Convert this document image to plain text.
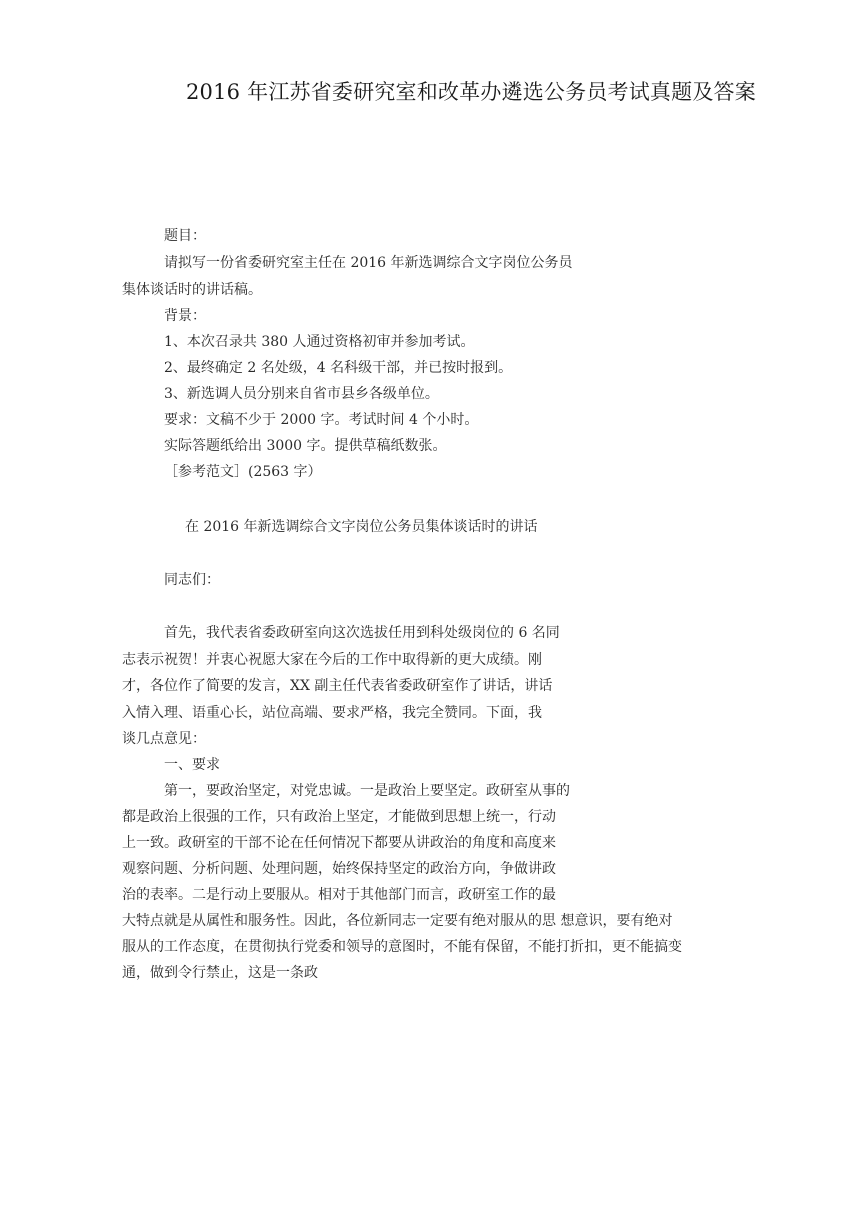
2016 年江苏省委研究室和改革办遴选公务员考试真题及答案
题目：
请拟写一份省委研究室主任在 2016 年新选调综合文字岗位公务员
集体谈话时的讲话稿。
背景：
1、本次召录共 380 人通过资格初审并参加考试。
2、最终确定 2 名处级，4 名科级干部，并已按时报到。
3、新选调人员分别来自省市县乡各级单位。
要求：文稿不少于 2000 字。考试时间 4 个小时。
实际答题纸给出 3000 字。提供草稿纸数张。
［参考范文］(2563 字）
在 2016 年新选调综合文字岗位公务员集体谈话时的讲话
同志们：
首先，我代表省委政研室向这次选拔任用到科处级岗位的 6 名同
志表示祝贺！并衷心祝愿大家在今后的工作中取得新的更大成绩。刚
才，各位作了简要的发言，XX 副主任代表省委政研室作了讲话，讲话
入情入理、语重心长，站位高端、要求严格，我完全赞同。下面，我
谈几点意见：
一、要求
第一，要政治坚定，对党忠诚。一是政治上要坚定。政研室从事的
都是政治上很强的工作，只有政治上坚定，才能做到思想上统一，行动
上一致。政研室的干部不论在任何情况下都要从讲政治的角度和高度来
观察问题、分析问题、处理问题，始终保持坚定的政治方向，争做讲政
治的表率。二是行动上要服从。相对于其他部门而言，政研室工作的最
大特点就是从属性和服务性。因此，各位新同志一定要有绝对服从的思 想意识，要有绝对
服从的工作态度，在贯彻执行党委和领导的意图时，不能有保留，不能打折扣，更不能搞变
通，做到令行禁止，这是一条政
